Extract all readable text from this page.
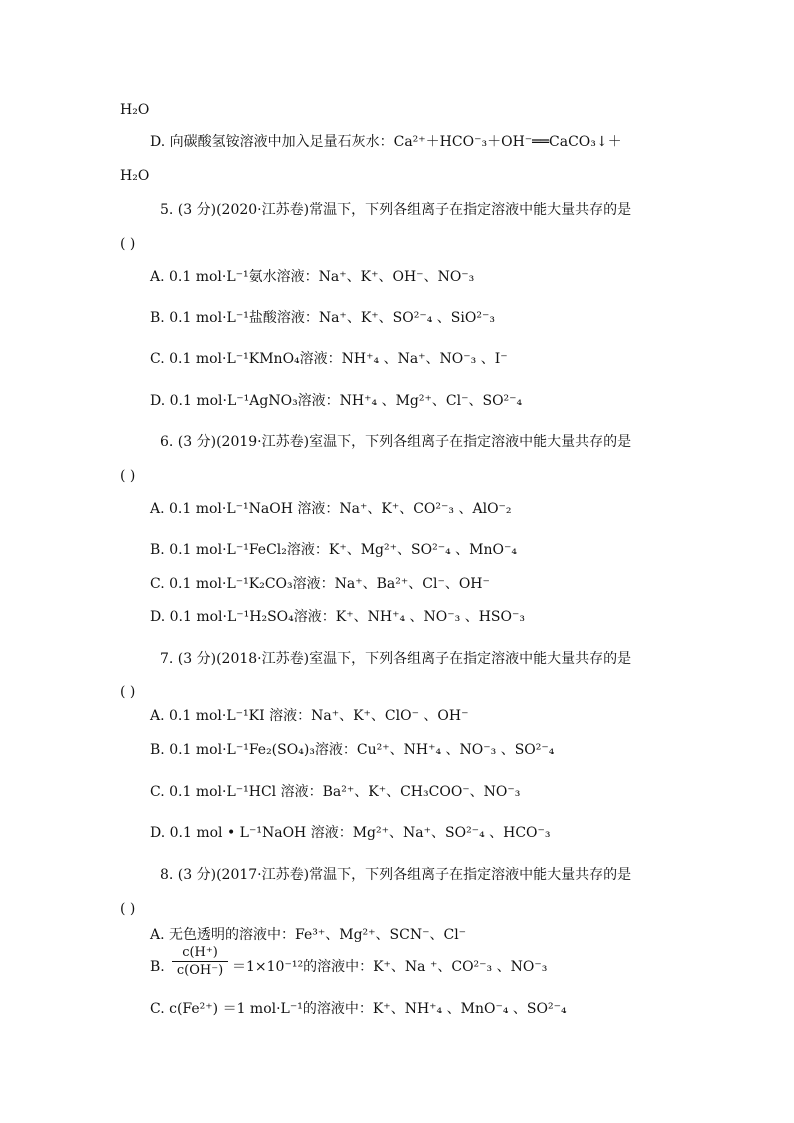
H₂O
D. 向碳酸氢铵溶液中加入足量石灰水：Ca²⁺＋HCO⁻₃＋OH⁻══CaCO₃↓＋
H₂O
5. (3 分)(2020·江苏卷)常温下，下列各组离子在指定溶液中能大量共存的是
( )
A. 0.1 mol·L⁻¹氨水溶液：Na⁺、K⁺、OH⁻、NO⁻₃
B. 0.1 mol·L⁻¹盐酸溶液：Na⁺、K⁺、SO²⁻₄ 、SiO²⁻₃
C. 0.1 mol·L⁻¹KMnO₄溶液：NH⁺₄ 、Na⁺、NO⁻₃ 、I⁻
D. 0.1 mol·L⁻¹AgNO₃溶液：NH⁺₄ 、Mg²⁺、Cl⁻、SO²⁻₄
6. (3 分)(2019·江苏卷)室温下，下列各组离子在指定溶液中能大量共存的是
( )
A. 0.1 mol·L⁻¹NaOH 溶液：Na⁺、K⁺、CO²⁻₃ 、AlO⁻₂
B. 0.1 mol·L⁻¹FeCl₂溶液：K⁺、Mg²⁺、SO²⁻₄ 、MnO⁻₄
C. 0.1 mol·L⁻¹K₂CO₃溶液：Na⁺、Ba²⁺、Cl⁻、OH⁻
D. 0.1 mol·L⁻¹H₂SO₄溶液：K⁺、NH⁺₄ 、NO⁻₃ 、HSO⁻₃
7. (3 分)(2018·江苏卷)室温下，下列各组离子在指定溶液中能大量共存的是
( )
A. 0.1 mol·L⁻¹KI 溶液：Na⁺、K⁺、ClO⁻ 、OH⁻
B. 0.1 mol·L⁻¹Fe₂(SO₄)₃溶液：Cu²⁺、NH⁺₄ 、NO⁻₃ 、SO²⁻₄
C. 0.1 mol·L⁻¹HCl 溶液：Ba²⁺、K⁺、CH₃COO⁻、NO⁻₃
D. 0.1 mol • L⁻¹NaOH 溶液：Mg²⁺、Na⁺、SO²⁻₄ 、HCO⁻₃
8. (3 分)(2017·江苏卷)常温下，下列各组离子在指定溶液中能大量共存的是
( )
A. 无色透明的溶液中：Fe³⁺、Mg²⁺、SCN⁻、Cl⁻
B.
c(H⁺)
c(OH⁻) ＝1×10⁻¹²的溶液中：K⁺、Na ⁺、CO²⁻₃ 、NO⁻₃
C. c(Fe²⁺) ＝1 mol·L⁻¹的溶液中：K⁺、NH⁺₄ 、MnO⁻₄ 、SO²⁻₄
